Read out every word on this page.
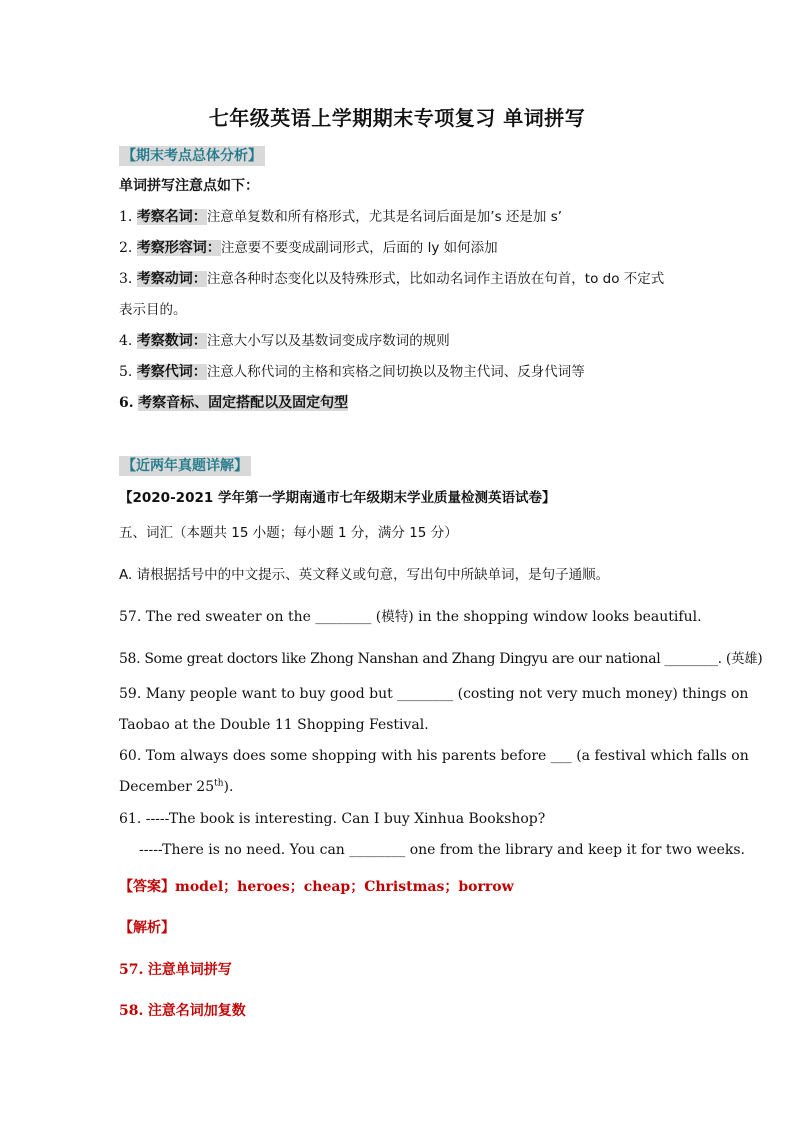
七年级英语上学期期末专项复习 单词拼写
【期末考点总体分析】
单词拼写注意点如下：
1. 考察名词：注意单复数和所有格形式，尤其是名词后面是加’s 还是加 s’
2. 考察形容词：注意要不要变成副词形式，后面的 ly 如何添加
3. 考察动词：注意各种时态变化以及特殊形式，比如动名词作主语放在句首，to do 不定式
表示目的。
4. 考察数词：注意大小写以及基数词变成序数词的规则
5. 考察代词：注意人称代词的主格和宾格之间切换以及物主代词、反身代词等
6. 考察音标、固定搭配以及固定句型
【近两年真题详解】
【2020-2021 学年第一学期南通市七年级期末学业质量检测英语试卷】
五、词汇（本题共 15 小题；每小题 1 分，满分 15 分）
A. 请根据括号中的中文提示、英文释义或句意，写出句中所缺单词，是句子通顺。
57. The red sweater on the ________ (模特) in the shopping window looks beautiful.
58. Some great doctors like Zhong Nanshan and Zhang Dingyu are our national ________. (英雄)
59. Many people want to buy good but ________ (costing not very much money) things on
Taobao at the Double 11 Shopping Festival.
60. Tom always does some shopping with his parents before ___ (a festival which falls on
December 25th).
61. -----The book is interesting. Can I buy Xinhua Bookshop?
-----There is no need. You can ________ one from the library and keep it for two weeks.
【答案】model；heroes；cheap；Christmas；borrow
【解析】
57. 注意单词拼写
58. 注意名词加复数
